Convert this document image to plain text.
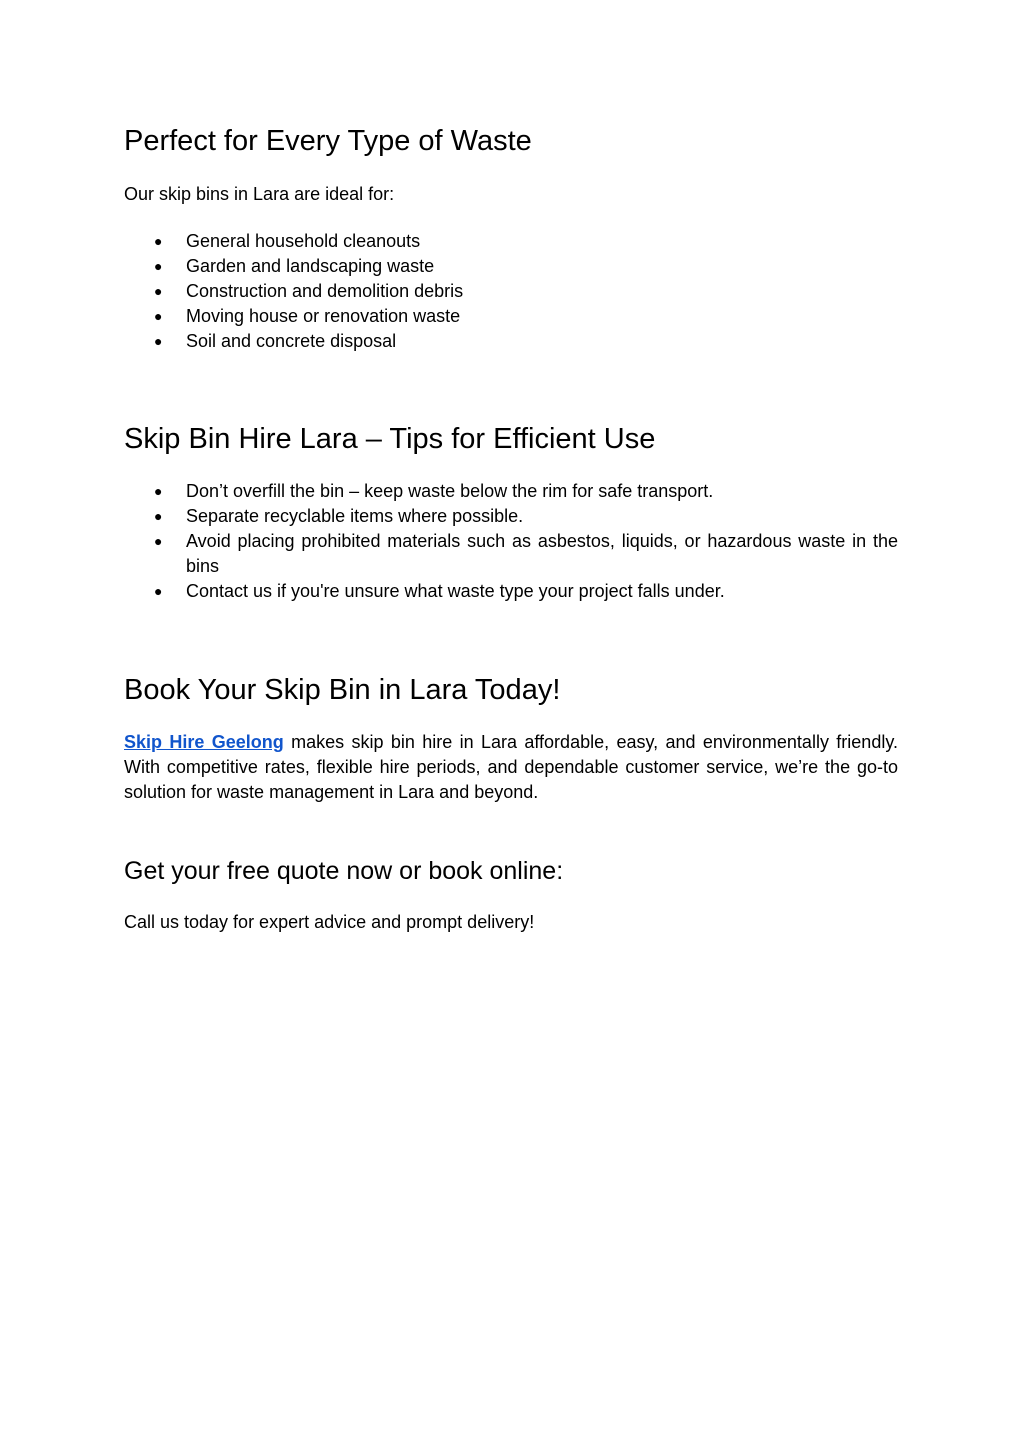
Perfect for Every Type of Waste

Our skip bins in Lara are ideal for:

● General household cleanouts
● Garden and landscaping waste
● Construction and demolition debris
● Moving house or renovation waste
● Soil and concrete disposal
Skip Bin Hire Lara – Tips for Efficient Use
● Don’t overfill the bin – keep waste below the rim for safe transport.
● Separate recyclable items where possible.
● Avoid placing prohibited materials such as asbestos, liquids, or hazardous waste in the bins
● Contact us if you're unsure what waste type your project falls under.
Book Your Skip Bin in Lara Today!

Skip Hire Geelong makes skip bin hire in Lara affordable, easy, and environmentally friendly. With competitive rates, flexible hire periods, and dependable customer service, we’re the go-to solution for waste management in Lara and beyond.

Get your free quote now or book online:

Call us today for expert advice and prompt delivery!
